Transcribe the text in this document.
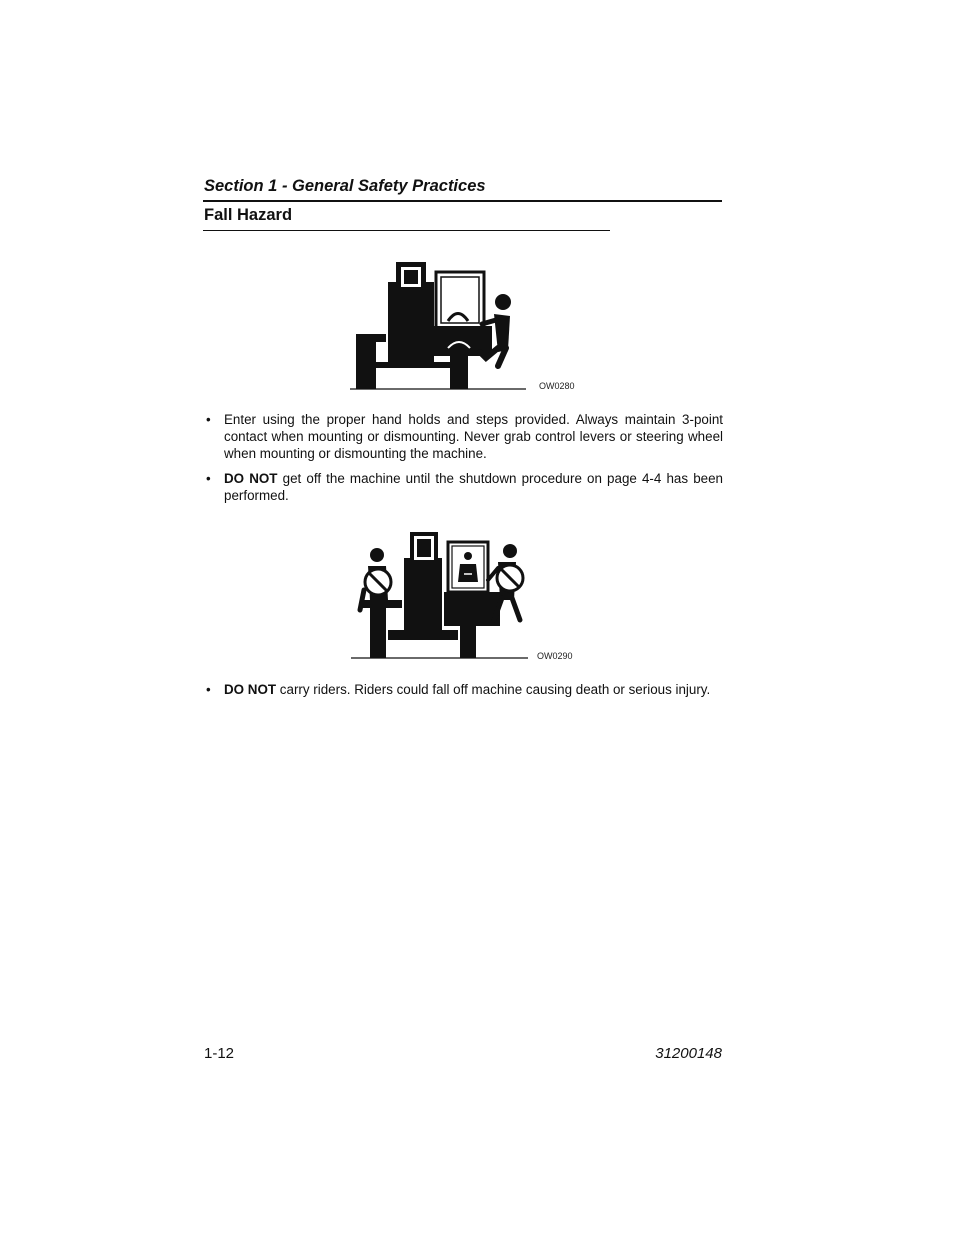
Section 1 - General Safety Practices
Fall Hazard
OW0280
• Enter using the proper hand holds and steps provided. Always maintain 3-point contact when mounting or dismounting. Never grab control levers or steering wheel when mounting or dismounting the machine.
• DO NOT get off the machine until the shutdown procedure on page 4-4 has been performed.
OW0290
• DO NOT carry riders. Riders could fall off machine causing death or serious injury.
1-12	31200148
